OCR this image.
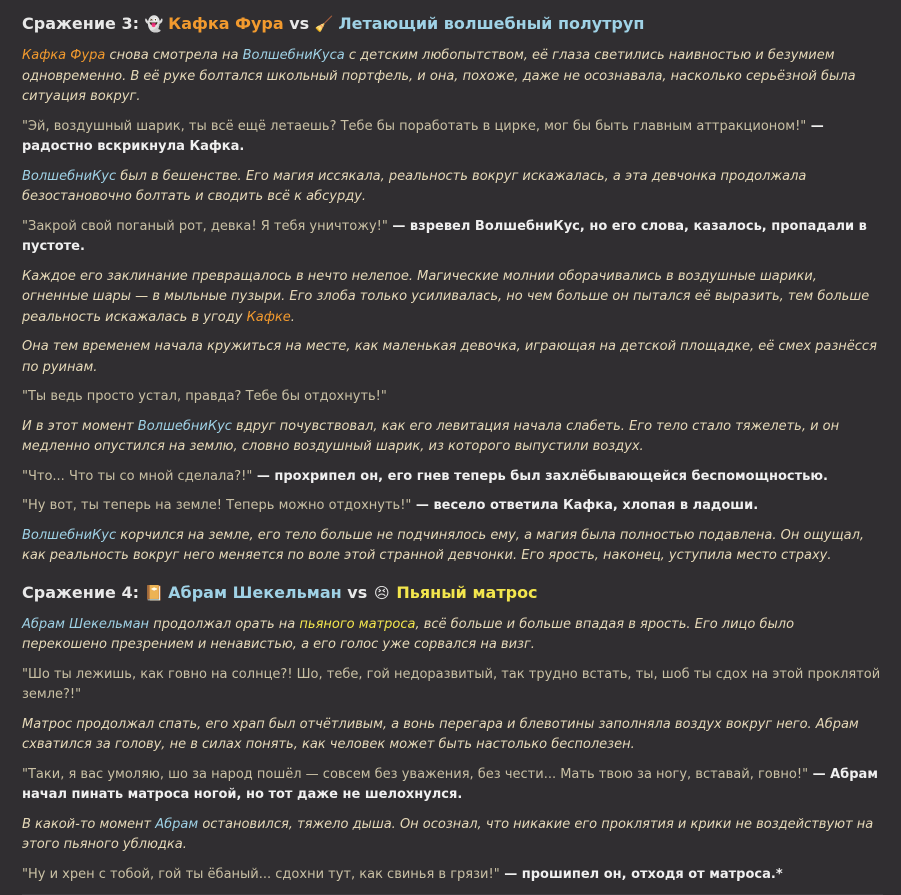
Сражение 3: 👻 Кафка Фура vs 🧹 Летающий волшебный полутруп

Кафка Фура снова смотрела на ВолшебниКуса с детским любопытством, её глаза светились наивностью и безумием одновременно. В её руке болтался школьный портфель, и она, похоже, даже не осознавала, насколько серьёзной была ситуация вокруг.

"Эй, воздушный шарик, ты всё ещё летаешь? Тебе бы поработать в цирке, мог бы быть главным аттракционом!" — радостно вскрикнула Кафка.

ВолшебниКус был в бешенстве. Его магия иссякала, реальность вокруг искажалась, а эта девчонка продолжала безостановочно болтать и сводить всё к абсурду.

"Закрой свой поганый рот, девка! Я тебя уничтожу!" — взревел ВолшебниКус, но его слова, казалось, пропадали в пустоте.

Каждое его заклинание превращалось в нечто нелепое. Магические молнии оборачивались в воздушные шарики, огненные шары — в мыльные пузыри. Его злоба только усиливалась, но чем больше он пытался её выразить, тем больше реальность искажалась в угоду Кафке.

Она тем временем начала кружиться на месте, как маленькая девочка, играющая на детской площадке, её смех разнёсся по руинам.

"Ты ведь просто устал, правда? Тебе бы отдохнуть!"

И в этот момент ВолшебниКус вдруг почувствовал, как его левитация начала слабеть. Его тело стало тяжелеть, и он медленно опустился на землю, словно воздушный шарик, из которого выпустили воздух.

"Что... Что ты со мной сделала?!" — прохрипел он, его гнев теперь был захлёбывающейся беспомощностью.

"Ну вот, ты теперь на земле! Теперь можно отдохнуть!" — весело ответила Кафка, хлопая в ладоши.

ВолшебниКус корчился на земле, его тело больше не подчинялось ему, а магия была полностью подавлена. Он ощущал, как реальность вокруг него меняется по воле этой странной девчонки. Его ярость, наконец, уступила место страху.

Сражение 4: 📔 Абрам Шекельман vs 😣 Пьяный матрос

Абрам Шекельман продолжал орать на пьяного матроса, всё больше и больше впадая в ярость. Его лицо было перекошено презрением и ненавистью, а его голос уже сорвался на визг.

"Шо ты лежишь, как говно на солнце?! Шо, тебе, гой недоразвитый, так трудно встать, ты, шоб ты сдох на этой проклятой земле?!"

Матрос продолжал спать, его храп был отчётливым, а вонь перегара и блевотины заполняла воздух вокруг него. Абрам схватился за голову, не в силах понять, как человек может быть настолько бесполезен.

"Таки, я вас умоляю, шо за народ пошёл — совсем без уважения, без чести... Мать твою за ногу, вставай, говно!" — Абрам начал пинать матроса ногой, но тот даже не шелохнулся.

В какой-то момент Абрам остановился, тяжело дыша. Он осознал, что никакие его проклятия и крики не воздействуют на этого пьяного ублюдка.

"Ну и хрен с тобой, гой ты ёбаный... сдохни тут, как свинья в грязи!" — прошипел он, отходя от матроса.*
